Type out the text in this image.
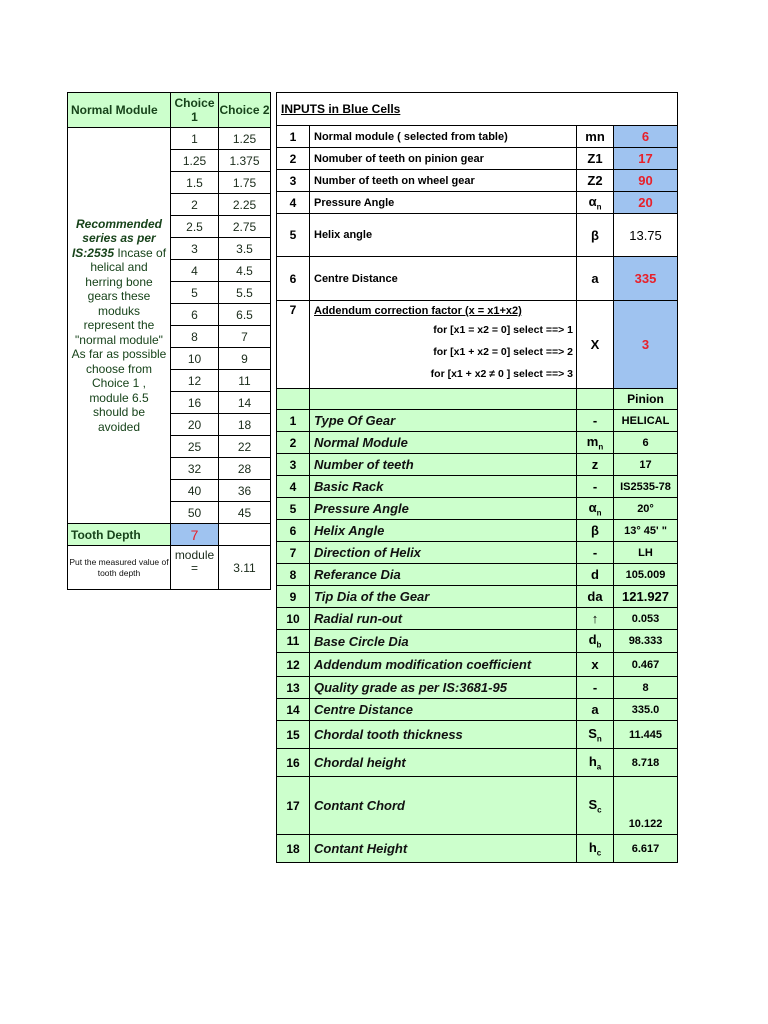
Normal Module	Choice 1	Choice 2
Recommended series as per IS:2535 Incase of helical and herring bone gears these moduks represent the "normal module" As far as possible choose from Choice 1 , module 6.5 should be avoided	1	1.25
	1.25	1.375
	1.5	1.75
	2	2.25
	2.5	2.75
	3	3.5
	4	4.5
	5	5.5
	6	6.5
	8	7
	10	9
	12	11
	16	14
	20	18
	25	22
	32	28
	40	36
	50	45
Tooth Depth	7	
Put the measured value of tooth depth	module =	3.11
INPUTS in Blue Cells			
1	Normal module ( selected from table)	mn	6
2	Nomuber of teeth on pinion gear	Z1	17
3	Number of teeth on wheel gear	Z2	90
4	Pressure Angle	$\alpha_n$	20
5	Helix angle	β	13.75
6	Centre Distance	a	335
7	Addendum correction factor (x = x1+x2)
for [x1 = x2 = 0] select ==> 1
for [x1 + x2 = 0] select ==> 2
for [x1 + x2 ≠ 0 ] select ==> 3	X	3
			Pinion
1	Type Of Gear	-	HELICAL
2	Normal Module	$m_n$	6
3	Number of teeth	z	17
4	Basic Rack	-	IS2535-78
5	Pressure Angle	$\alpha_n$	20°
6	Helix Angle	β	13° 45' "
7	Direction of Helix	-	LH
8	Referance Dia	d	105.009
9	Tip Dia of the Gear	da	121.927
10	Radial run-out	↑	0.053
11	Base Circle Dia	$d_b$	98.333
12	Addendum modification coefficient	x	0.467
13	Quality grade as per IS:3681-95	-	8
14	Centre Distance	a	335.0
15	Chordal tooth thickness	$S_n$	11.445
16	Chordal height	$h_a$	8.718
17	Contant Chord	$S_c$	10.122
18	Contant Height	$h_c$	6.617
